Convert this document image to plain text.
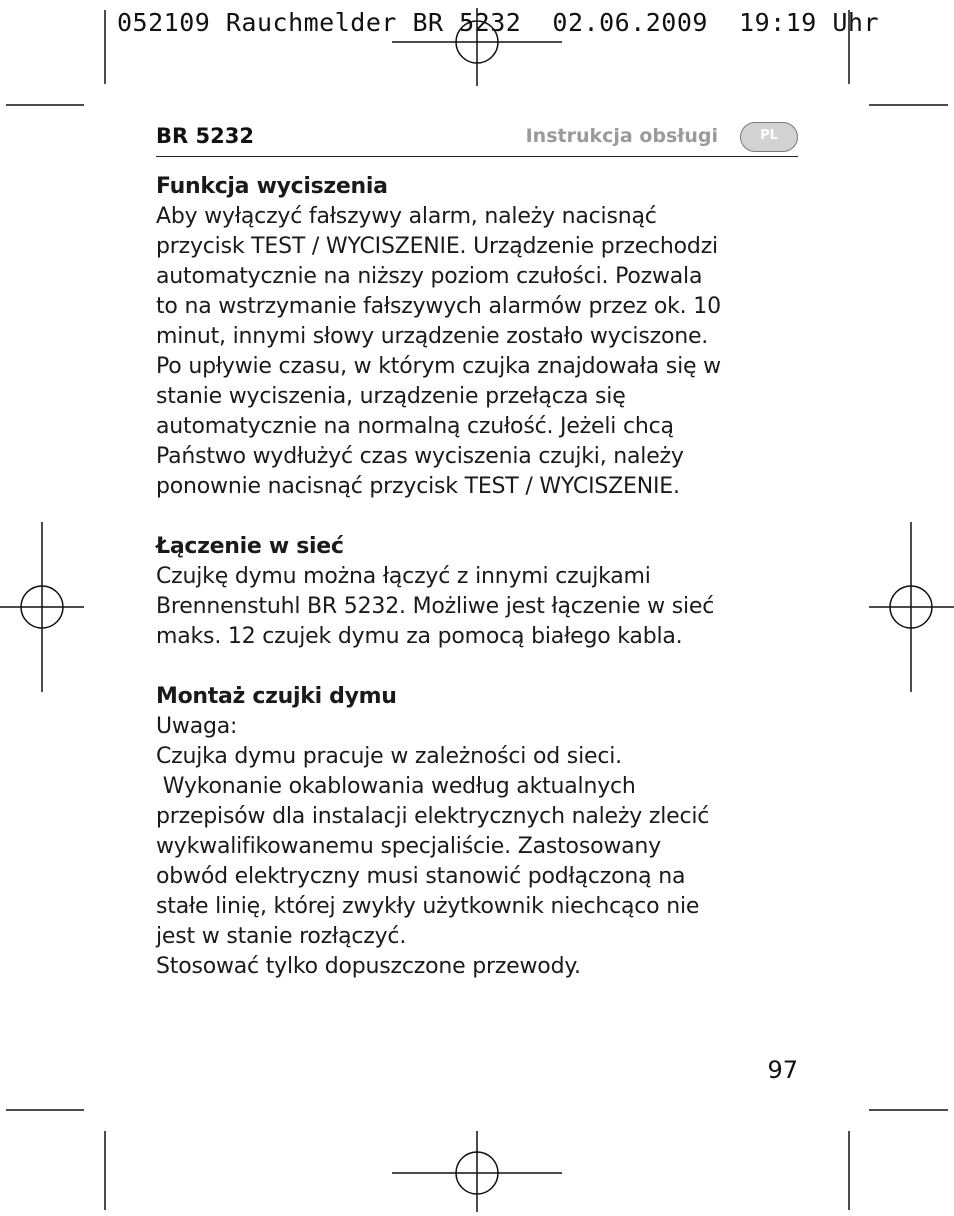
052109 Rauchmelder BR 5232  02.06.2009  19:19 Uhr
BR 5232	Instrukcja obsługi	PL
Funkcja wyciszenia
Aby wyłączyć fałszywy alarm, należy nacisnąć
przycisk TEST / WYCISZENIE. Urządzenie przechodzi
automatycznie na niższy poziom czułości. Pozwala
to na wstrzymanie fałszywych alarmów przez ok. 10
minut, innymi słowy urządzenie zostało wyciszone.
Po upływie czasu, w którym czujka znajdowała się w
stanie wyciszenia, urządzenie przełącza się
automatycznie na normalną czułość. Jeżeli chcą
Państwo wydłużyć czas wyciszenia czujki, należy
ponownie nacisnąć przycisk TEST / WYCISZENIE.
Łączenie w sieć
Czujkę dymu można łączyć z innymi czujkami
Brennenstuhl BR 5232. Możliwe jest łączenie w sieć
maks. 12 czujek dymu za pomocą białego kabla.
Montaż czujki dymu
Uwaga:
Czujka dymu pracuje w zależności od sieci.
Wykonanie okablowania według aktualnych
przepisów dla instalacji elektrycznych należy zlecić
wykwalifikowanemu specjaliście. Zastosowany
obwód elektryczny musi stanowić podłączoną na
stałe linię, której zwykły użytkownik niechcąco nie
jest w stanie rozłączyć.
Stosować tylko dopuszczone przewody.
97
